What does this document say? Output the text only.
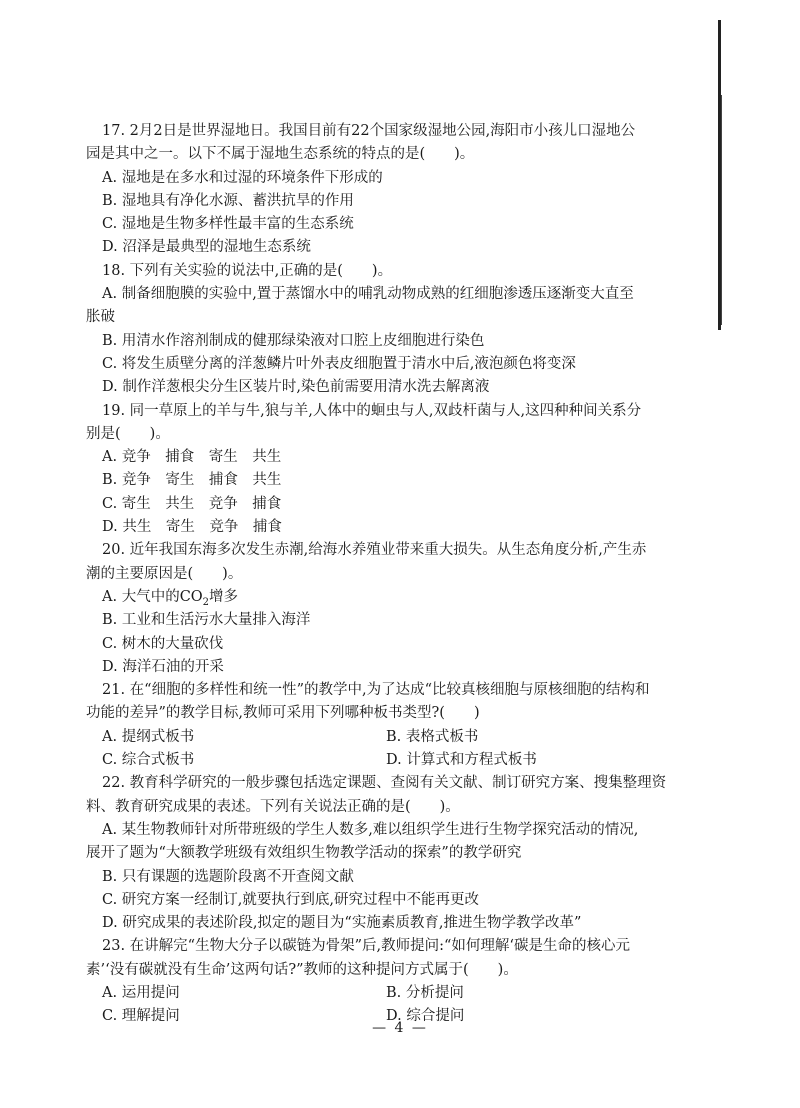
17. 2月2日是世界湿地日。我国目前有22个国家级湿地公园,海阳市小孩儿口湿地公
园是其中之一。以下不属于湿地生态系统的特点的是(　　)。
A. 湿地是在多水和过湿的环境条件下形成的
B. 湿地具有净化水源、蓄洪抗旱的作用
C. 湿地是生物多样性最丰富的生态系统
D. 沼泽是最典型的湿地生态系统
18. 下列有关实验的说法中,正确的是(　　)。
A. 制备细胞膜的实验中,置于蒸馏水中的哺乳动物成熟的红细胞渗透压逐渐变大直至
胀破
B. 用清水作溶剂制成的健那绿染液对口腔上皮细胞进行染色
C. 将发生质壁分离的洋葱鳞片叶外表皮细胞置于清水中后,液泡颜色将变深
D. 制作洋葱根尖分生区装片时,染色前需要用清水洗去解离液
19. 同一草原上的羊与牛,狼与羊,人体中的蛔虫与人,双歧杆菌与人,这四种种间关系分
别是(　　)。
A. 竞争　捕食　寄生　共生
B. 竞争　寄生　捕食　共生
C. 寄生　共生　竞争　捕食
D. 共生　寄生　竞争　捕食
20. 近年我国东海多次发生赤潮,给海水养殖业带来重大损失。从生态角度分析,产生赤
潮的主要原因是(　　)。
A. 大气中的$CO_2$增多
B. 工业和生活污水大量排入海洋
C. 树木的大量砍伐
D. 海洋石油的开采
21. 在“细胞的多样性和统一性”的教学中,为了达成“比较真核细胞与原核细胞的结构和
功能的差异”的教学目标,教师可采用下列哪种板书类型?(　　)
A. 提纲式板书	B. 表格式板书
C. 综合式板书	D. 计算式和方程式板书
22. 教育科学研究的一般步骤包括选定课题、查阅有关文献、制订研究方案、搜集整理资
料、教育研究成果的表述。下列有关说法正确的是(　　)。
A. 某生物教师针对所带班级的学生人数多,难以组织学生进行生物学探究活动的情况,
展开了题为“大额教学班级有效组织生物教学活动的探索”的教学研究
B. 只有课题的选题阶段离不开查阅文献
C. 研究方案一经制订,就要执行到底,研究过程中不能再更改
D. 研究成果的表述阶段,拟定的题目为“实施素质教育,推进生物学教学改革”
23. 在讲解完“生物大分子以碳链为骨架”后,教师提问:“如何理解‘碳是生命的核心元
素’‘没有碳就没有生命’这两句话?”教师的这种提问方式属于(　　)。
A. 运用提问	B. 分析提问
C. 理解提问	D. 综合提问
— 4 —
